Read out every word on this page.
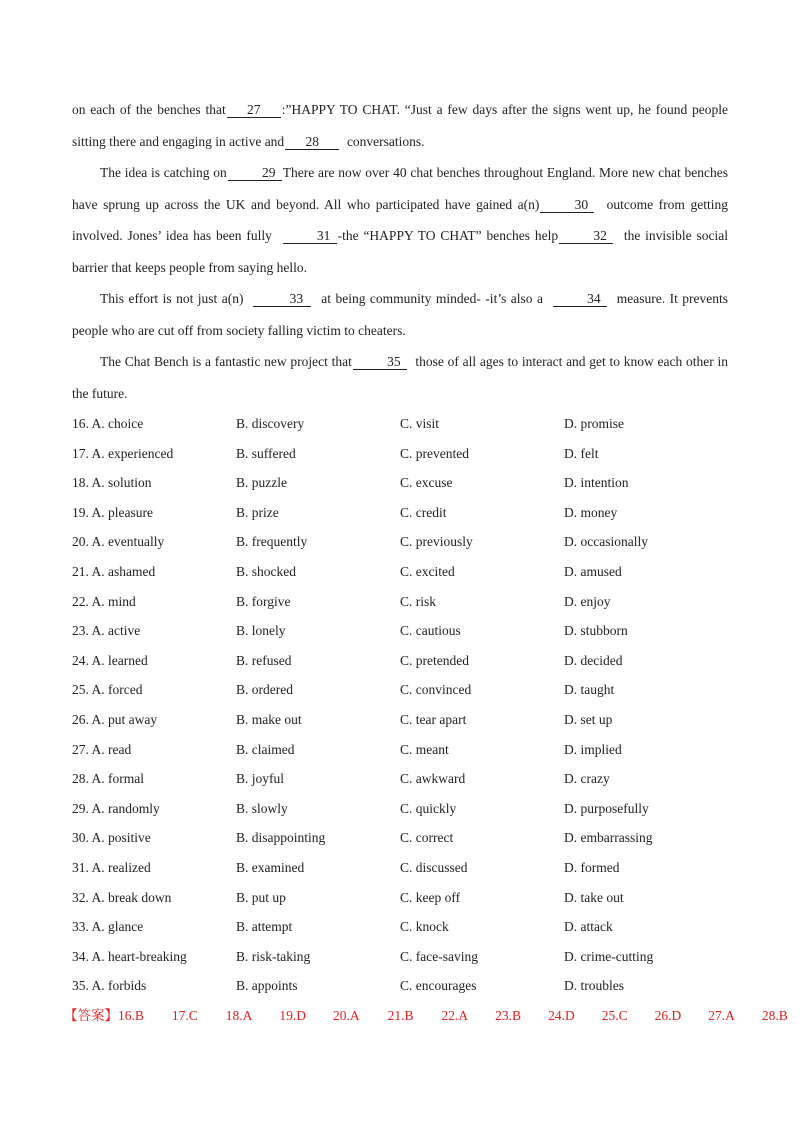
on each of the benches that 27 :”HAPPY TO CHAT. “Just a few days after the signs went up, he found people sitting there and engaging in active and 28 conversations.

The idea is catching on	29 There are now over 40 chat benches throughout England. More new chat benches have sprung up across the UK and beyond. All who participated have gained a(n)	30 outcome from getting involved. Jones’ idea has been fully	31 -the “HAPPY TO CHAT” benches help	32 the invisible social barrier that keeps people from saying hello.

This effort is not just a(n)	33 at being community minded- -it’s also a	34 measure. It prevents people who are cut off from society falling victim to cheaters.

The Chat Bench is a fantastic new project that	35 those of all ages to interact and get to know each other in the future.

16. A. choice	B. discovery	C. visit	D. promise
17. A. experienced	B. suffered	C. prevented	D. felt
18. A. solution	B. puzzle	C. excuse	D. intention
19. A. pleasure	B. prize	C. credit	D. money
20. A. eventually	B. frequently	C. previously	D. occasionally
21. A. ashamed	B. shocked	C. excited	D. amused
22. A. mind	B. forgive	C. risk	D. enjoy
23. A. active	B. lonely	C. cautious	D. stubborn
24. A. learned	B. refused	C. pretended	D. decided
25. A. forced	B. ordered	C. convinced	D. taught
26. A. put away	B. make out	C. tear apart	D. set up
27. A. read	B. claimed	C. meant	D. implied
28. A. formal	B. joyful	C. awkward	D. crazy
29. A. randomly	B. slowly	C. quickly	D. purposefully
30. A. positive	B. disappointing	C. correct	D. embarrassing
31. A. realized	B. examined	C. discussed	D. formed
32. A. break down	B. put up	C. keep off	D. take out
33. A. glance	B. attempt	C. knock	D. attack
34. A. heart-breaking	B. risk-taking	C. face-saving	D. crime-cutting
35. A. forbids	B. appoints	C. encourages	D. troubles
【答案】 16.B 17.C 18.A 19.D 20.A 21.B 22.A 23.B 24.D 25.C 26.D 27.A 28.B
